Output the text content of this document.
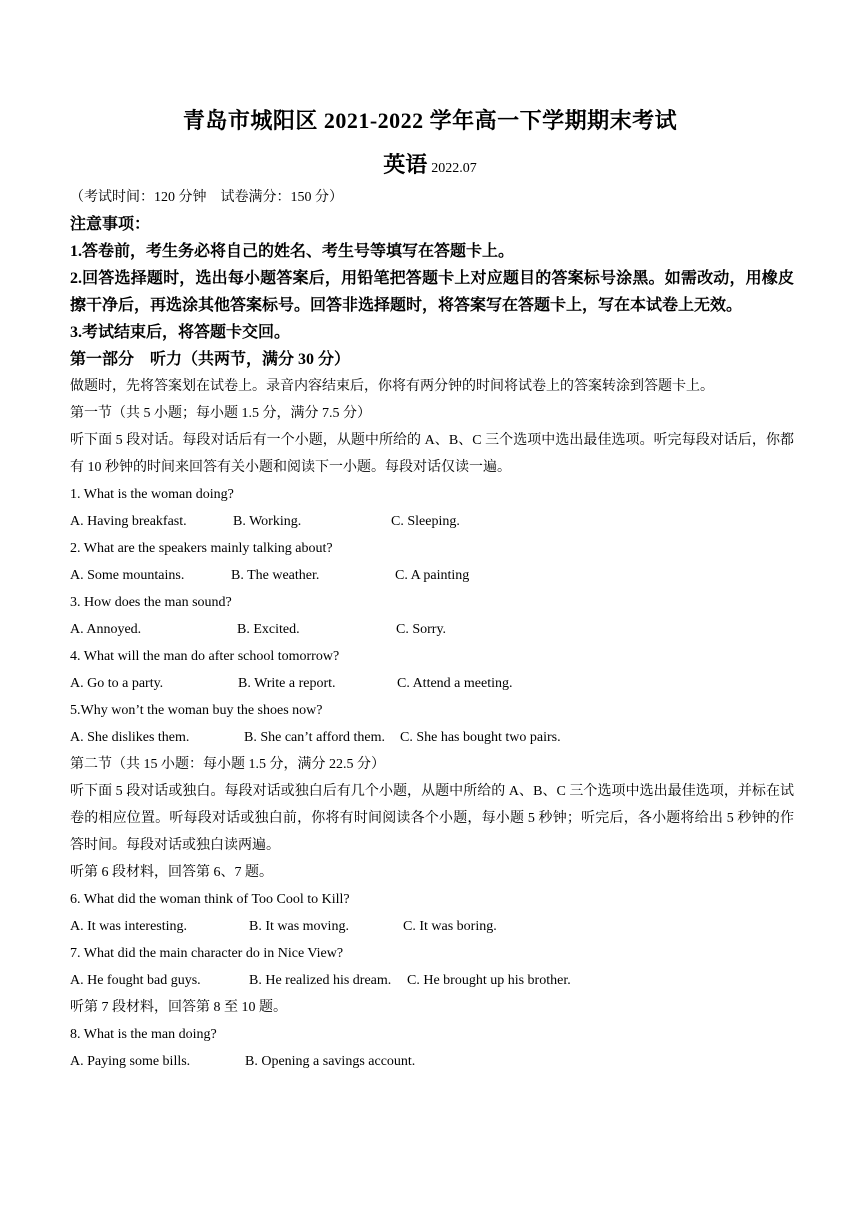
青岛市城阳区 2021-2022 学年高一下学期期末考试
英语 2022.07
（考试时间：120 分钟　试卷满分：150 分）
注意事项：
1.答卷前，考生务必将自己的姓名、考生号等填写在答题卡上。
2.回答选择题时，选出每小题答案后，用铅笔把答题卡上对应题目的答案标号涂黑。如需改动，用橡皮擦干净后，再选涂其他答案标号。回答非选择题时，将答案写在答题卡上，写在本试卷上无效。
3.考试结束后，将答题卡交回。
第一部分　听力（共两节，满分 30 分）
做题时，先将答案划在试卷上。录音内容结束后，你将有两分钟的时间将试卷上的答案转涂到答题卡上。
第一节（共 5 小题；每小题 1.5 分，满分 7.5 分）
听下面 5 段对话。每段对话后有一个小题，从题中所给的 A、B、C 三个选项中选出最佳选项。听完每段对话后，你都有 10 秒钟的时间来回答有关小题和阅读下一小题。每段对话仅读一遍。
1. What is the woman doing?
A. Having breakfast.	B. Working.	C. Sleeping.
2. What are the speakers mainly talking about?
A. Some mountains.	B. The weather.	C. A painting
3. How does the man sound?
A. Annoyed.	B. Excited.	C. Sorry.
4. What will the man do after school tomorrow?
A. Go to a party.	B. Write a report.	C. Attend a meeting.
5.Why won’t the woman buy the shoes now?
A. She dislikes them.	B. She can’t afford them.	C. She has bought two pairs.
第二节（共 15 小题：每小题 1.5 分，满分 22.5 分）
听下面 5 段对话或独白。每段对话或独白后有几个小题，从题中所给的 A、B、C 三个选项中选出最佳选项，并标在试卷的相应位置。听每段对话或独白前，你将有时间阅读各个小题，每小题 5 秒钟；听完后，各小题将给出 5 秒钟的作答时间。每段对话或独白读两遍。
听第 6 段材料，回答第 6、7 题。
6. What did the woman think of Too Cool to Kill?
A. It was interesting.	B. It was moving.	C. It was boring.
7. What did the main character do in Nice View?
A. He fought bad guys.	B. He realized his dream.	C. He brought up his brother.
听第 7 段材料，回答第 8 至 10 题。
8. What is the man doing?
A. Paying some bills.	B. Opening a savings account.
